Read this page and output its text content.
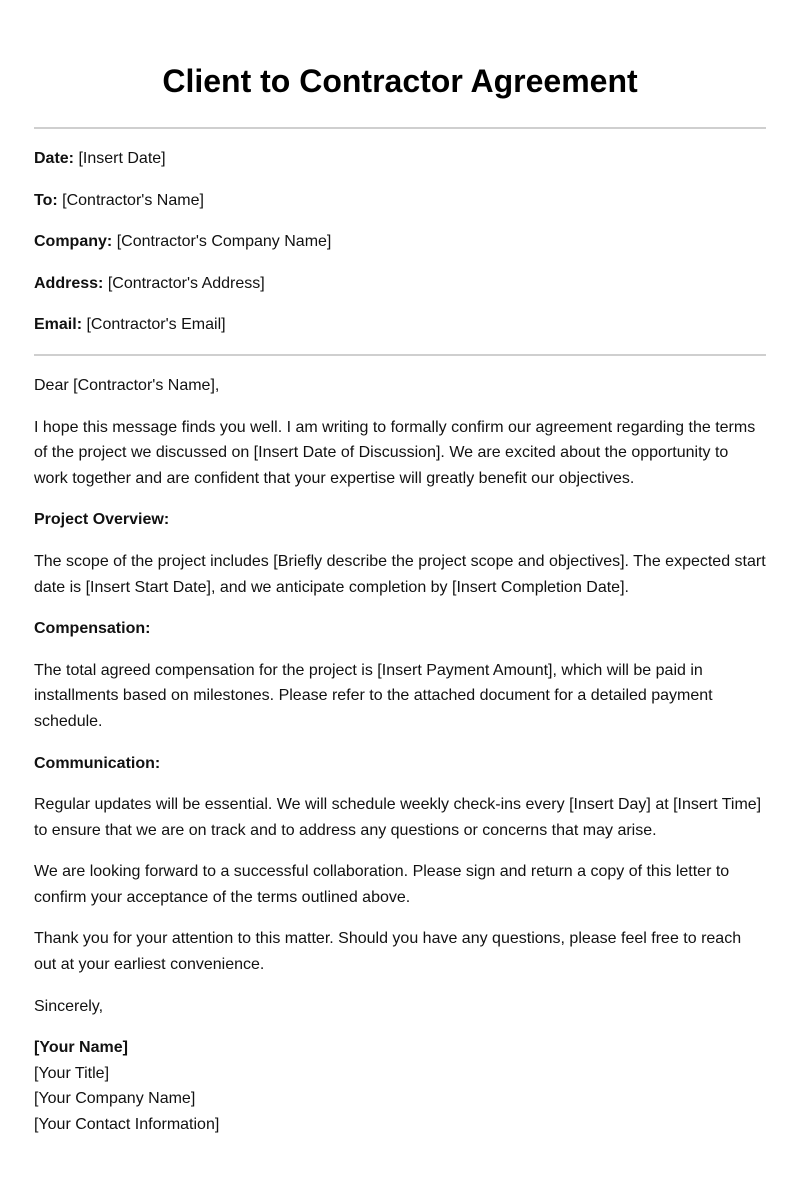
Client to Contractor Agreement
Date: [Insert Date]
To: [Contractor's Name]
Company: [Contractor's Company Name]
Address: [Contractor's Address]
Email: [Contractor's Email]

Dear [Contractor's Name],

I hope this message finds you well. I am writing to formally confirm our agreement regarding the terms of the project we discussed on [Insert Date of Discussion]. We are excited about the opportunity to work together and are confident that your expertise will greatly benefit our objectives.

Project Overview:

The scope of the project includes [Briefly describe the project scope and objectives]. The expected start date is [Insert Start Date], and we anticipate completion by [Insert Completion Date].

Compensation:

The total agreed compensation for the project is [Insert Payment Amount], which will be paid in installments based on milestones. Please refer to the attached document for a detailed payment schedule.

Communication:

Regular updates will be essential. We will schedule weekly check-ins every [Insert Day] at [Insert Time] to ensure that we are on track and to address any questions or concerns that may arise.

We are looking forward to a successful collaboration. Please sign and return a copy of this letter to confirm your acceptance of the terms outlined above.

Thank you for your attention to this matter. Should you have any questions, please feel free to reach out at your earliest convenience.

Sincerely,

[Your Name]
[Your Title]
[Your Company Name]
[Your Contact Information]
